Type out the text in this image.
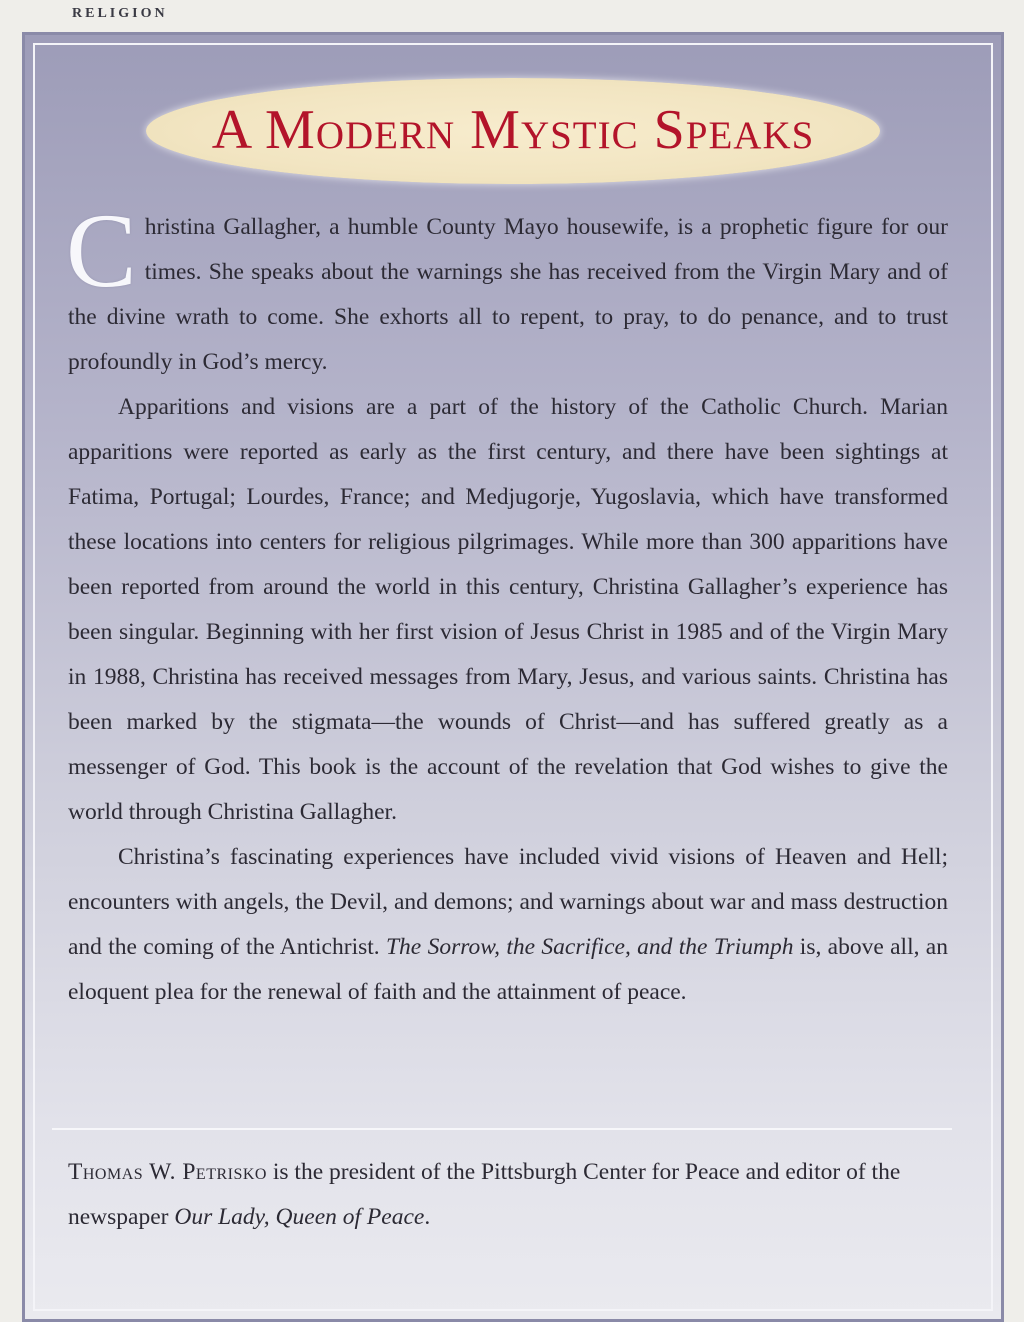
RELIGION
A Modern Mystic Speaks

Christina Gallagher, a humble County Mayo housewife, is a prophetic figure for our times. She speaks about the warnings she has received from the Virgin Mary and of the divine wrath to come. She exhorts all to repent, to pray, to do penance, and to trust profoundly in God’s mercy.

Apparitions and visions are a part of the history of the Catholic Church. Marian apparitions were reported as early as the first century, and there have been sightings at Fatima, Portugal; Lourdes, France; and Medjugorje, Yugoslavia, which have transformed these locations into centers for religious pilgrimages. While more than 300 apparitions have been reported from around the world in this century, Christina Gallagher’s experience has been singular. Beginning with her first vision of Jesus Christ in 1985 and of the Virgin Mary in 1988, Christina has received messages from Mary, Jesus, and various saints. Christina has been marked by the stigmata—the wounds of Christ—and has suffered greatly as a messenger of God. This book is the account of the revelation that God wishes to give the world through Christina Gallagher.

Christina’s fascinating experiences have included vivid visions of Heaven and Hell; encounters with angels, the Devil, and demons; and warnings about war and mass destruction and the coming of the Antichrist. The Sorrow, the Sacrifice, and the Triumph is, above all, an eloquent plea for the renewal of faith and the attainment of peace.

Thomas W. Petrisko is the president of the Pittsburgh Center for Peace and editor of the newspaper Our Lady, Queen of Peace.
